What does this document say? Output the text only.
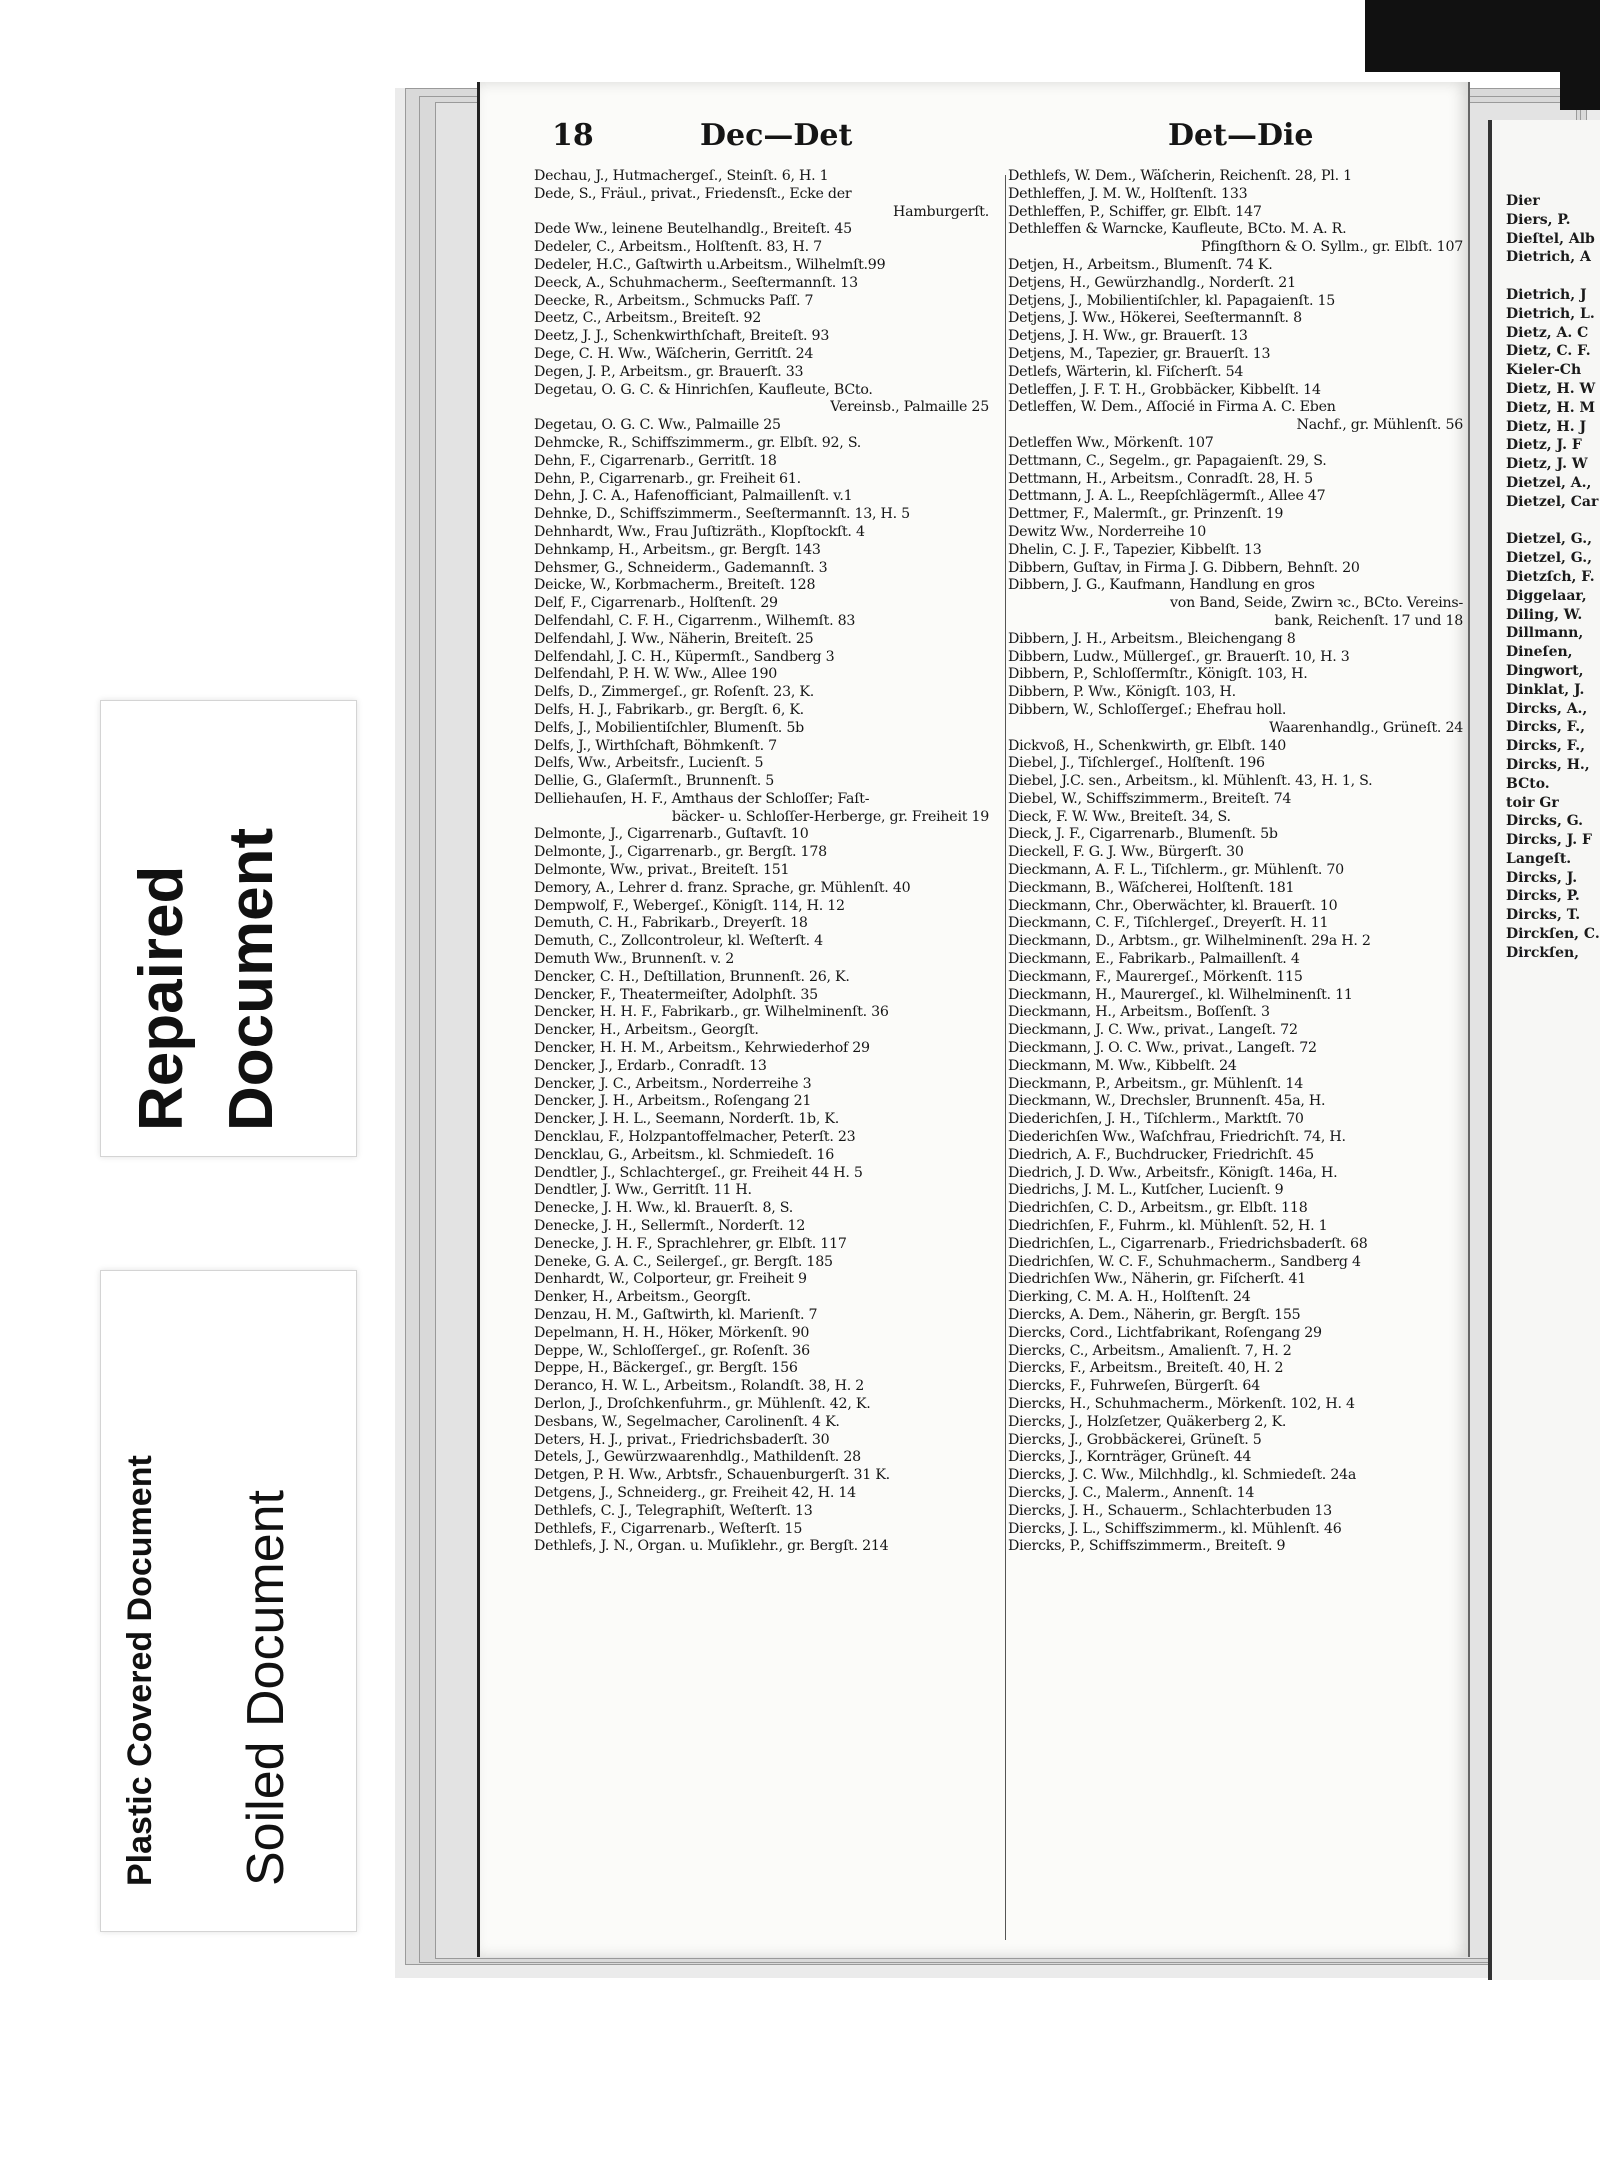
Repaired Document
Plastic Covered Document Soiled Document
18	Dec—Det	Det—Die
Dechau, J., Hutmachergeſ., Steinſt. 6, H. 1
Dede, S., Fräul., privat., Friedensſt., Ecke der
Hamburgerſt.
Dede Ww., leinene Beutelhandlg., Breiteſt. 45
Dedeler, C., Arbeitsm., Holſtenſt. 83, H. 7
Dedeler, H.C., Gaſtwirth u.Arbeitsm., Wilhelmſt.99
Deeck, A., Schuhmacherm., Seeſtermannſt. 13
Deecke, R., Arbeitsm., Schmucks Paſſ. 7
Deetz, C., Arbeitsm., Breiteſt. 92
Deetz, J. J., Schenkwirthſchaft, Breiteſt. 93
Dege, C. H. Ww., Wäſcherin, Gerritſt. 24
Degen, J. P., Arbeitsm., gr. Brauerſt. 33
Degetau, O. G. C. & Hinrichſen, Kaufleute, BCto.
Vereinsb., Palmaille 25
Degetau, O. G. C. Ww., Palmaille 25
Dehmcke, R., Schiffszimmerm., gr. Elbſt. 92, S.
Dehn, F., Cigarrenarb., Gerritſt. 18
Dehn, P., Cigarrenarb., gr. Freiheit 61.
Dehn, J. C. A., Hafenofficiant, Palmaillenſt. v.1
Dehnke, D., Schiffszimmerm., Seeſtermannſt. 13, H. 5
Dehnhardt, Ww., Frau Juſtizräth., Klopſtockſt. 4
Dehnkamp, H., Arbeitsm., gr. Bergſt. 143
Dehsmer, G., Schneiderm., Gademannſt. 3
Deicke, W., Korbmacherm., Breiteſt. 128
Delf, F., Cigarrenarb., Holſtenſt. 29
Delfendahl, C. F. H., Cigarrenm., Wilhemſt. 83
Delfendahl, J. Ww., Näherin, Breiteſt. 25
Delfendahl, J. C. H., Küpermſt., Sandberg 3
Delfendahl, P. H. W. Ww., Allee 190
Delfs, D., Zimmergeſ., gr. Roſenſt. 23, K.
Delfs, H. J., Fabrikarb., gr. Bergſt. 6, K.
Delfs, J., Mobilientiſchler, Blumenſt. 5b
Delfs, J., Wirthſchaft, Böhmkenſt. 7
Delfs, Ww., Arbeitsfr., Lucienſt. 5
Dellie, G., Glaſermſt., Brunnenſt. 5
Delliehauſen, H. F., Amthaus der Schloſſer; Faſt-
bäcker- u. Schloſſer-Herberge, gr. Freiheit 19
Delmonte, J., Cigarrenarb., Guſtavſt. 10
Delmonte, J., Cigarrenarb., gr. Bergſt. 178
Delmonte, Ww., privat., Breiteſt. 151
Demory, A., Lehrer d. franz. Sprache, gr. Mühlenſt. 40
Dempwolf, F., Webergeſ., Königſt. 114, H. 12
Demuth, C. H., Fabrikarb., Dreyerſt. 18
Demuth, C., Zollcontroleur, kl. Weſterſt. 4
Demuth Ww., Brunnenſt. v. 2
Dencker, C. H., Deſtillation, Brunnenſt. 26, K.
Dencker, F., Theatermeiſter, Adolphſt. 35
Dencker, H. H. F., Fabrikarb., gr. Wilhelminenſt. 36
Dencker, H., Arbeitsm., Georgſt.
Dencker, H. H. M., Arbeitsm., Kehrwiederhof 29
Dencker, J., Erdarb., Conradſt. 13
Dencker, J. C., Arbeitsm., Norderreihe 3
Dencker, J. H., Arbeitsm., Roſengang 21
Dencker, J. H. L., Seemann, Norderſt. 1b, K.
Dencklau, F., Holzpantoffelmacher, Peterſt. 23
Dencklau, G., Arbeitsm., kl. Schmiedeſt. 16
Dendtler, J., Schlachtergeſ., gr. Freiheit 44 H. 5
Dendtler, J. Ww., Gerritſt. 11 H.
Denecke, J. H. Ww., kl. Brauerſt. 8, S.
Denecke, J. H., Sellermſt., Norderſt. 12
Denecke, J. H. F., Sprachlehrer, gr. Elbſt. 117
Deneke, G. A. C., Seilergeſ., gr. Bergſt. 185
Denhardt, W., Colporteur, gr. Freiheit 9
Denker, H., Arbeitsm., Georgſt.
Denzau, H. M., Gaſtwirth, kl. Marienſt. 7
Depelmann, H. H., Höker, Mörkenſt. 90
Deppe, W., Schloſſergeſ., gr. Roſenſt. 36
Deppe, H., Bäckergeſ., gr. Bergſt. 156
Deranco, H. W. L., Arbeitsm., Rolandſt. 38, H. 2
Derlon, J., Droſchkenfuhrm., gr. Mühlenſt. 42, K.
Desbans, W., Segelmacher, Carolinenſt. 4 K.
Deters, H. J., privat., Friedrichsbaderſt. 30
Detels, J., Gewürzwaarenhdlg., Mathildenſt. 28
Detgen, P. H. Ww., Arbtsfr., Schauenburgerſt. 31 K.
Detgens, J., Schneiderg., gr. Freiheit 42, H. 14
Dethlefs, C. J., Telegraphiſt, Weſterſt. 13
Dethlefs, F., Cigarrenarb., Weſterſt. 15
Dethlefs, J. N., Organ. u. Muſiklehr., gr. Bergſt. 214
Dethlefs, W. Dem., Wäſcherin, Reichenſt. 28, Pl. 1
Dethleffen, J. M. W., Holſtenſt. 133
Dethleffen, P., Schiffer, gr. Elbſt. 147
Dethleffen & Warncke, Kaufleute, BCto. M. A. R.
Pfingſthorn & O. Syllm., gr. Elbſt. 107
Detjen, H., Arbeitsm., Blumenſt. 74 K.
Detjens, H., Gewürzhandlg., Norderſt. 21
Detjens, J., Mobilientiſchler, kl. Papagaienſt. 15
Detjens, J. Ww., Hökerei, Seeſtermannſt. 8
Detjens, J. H. Ww., gr. Brauerſt. 13
Detjens, M., Tapezier, gr. Brauerſt. 13
Detlefs, Wärterin, kl. Fiſcherſt. 54
Detleffen, J. F. T. H., Grobbäcker, Kibbelſt. 14
Detleffen, W. Dem., Aſſocié in Firma A. C. Eben
Nachf., gr. Mühlenſt. 56
Detleffen Ww., Mörkenſt. 107
Dettmann, C., Segelm., gr. Papagaienſt. 29, S.
Dettmann, H., Arbeitsm., Conradſt. 28, H. 5
Dettmann, J. A. L., Reepſchlägermſt., Allee 47
Dettmer, F., Malermſt., gr. Prinzenſt. 19
Dewitz Ww., Norderreihe 10
Dhelin, C. J. F., Tapezier, Kibbelſt. 13
Dibbern, Guſtav, in Firma J. G. Dibbern, Behnſt. 20
Dibbern, J. G., Kaufmann, Handlung en gros
von Band, Seide, Zwirn ꝛc., BCto. Vereins-
bank, Reichenſt. 17 und 18
Dibbern, J. H., Arbeitsm., Bleichengang 8
Dibbern, Ludw., Müllergeſ., gr. Brauerſt. 10, H. 3
Dibbern, P., Schloſſermſtr., Königſt. 103, H.
Dibbern, P. Ww., Königſt. 103, H.
Dibbern, W., Schloſſergeſ.; Ehefrau holl.
Waarenhandlg., Grüneſt. 24
Dickvoß, H., Schenkwirth, gr. Elbſt. 140
Diebel, J., Tiſchlergeſ., Holſtenſt. 196
Diebel, J.C. sen., Arbeitsm., kl. Mühlenſt. 43, H. 1, S.
Diebel, W., Schiffszimmerm., Breiteſt. 74
Dieck, F. W. Ww., Breiteſt. 34, S.
Dieck, J. F., Cigarrenarb., Blumenſt. 5b
Dieckell, F. G. J. Ww., Bürgerſt. 30
Dieckmann, A. F. L., Tiſchlerm., gr. Mühlenſt. 70
Dieckmann, B., Wäſcherei, Holſtenſt. 181
Dieckmann, Chr., Oberwächter, kl. Brauerſt. 10
Dieckmann, C. F., Tiſchlergeſ., Dreyerſt. H. 11
Dieckmann, D., Arbtsm., gr. Wilhelminenſt. 29a H. 2
Dieckmann, E., Fabrikarb., Palmaillenſt. 4
Dieckmann, F., Maurergeſ., Mörkenſt. 115
Dieckmann, H., Maurergeſ., kl. Wilhelminenſt. 11
Dieckmann, H., Arbeitsm., Boſſenſt. 3
Dieckmann, J. C. Ww., privat., Langeſt. 72
Dieckmann, J. O. C. Ww., privat., Langeſt. 72
Dieckmann, M. Ww., Kibbelſt. 24
Dieckmann, P., Arbeitsm., gr. Mühlenſt. 14
Dieckmann, W., Drechsler, Brunnenſt. 45a, H.
Diederichſen, J. H., Tiſchlerm., Marktſt. 70
Diederichſen Ww., Waſchfrau, Friedrichſt. 74, H.
Diedrich, A. F., Buchdrucker, Friedrichſt. 45
Diedrich, J. D. Ww., Arbeitsfr., Königſt. 146a, H.
Diedrichs, J. M. L., Kutſcher, Lucienſt. 9
Diedrichſen, C. D., Arbeitsm., gr. Elbſt. 118
Diedrichſen, F., Fuhrm., kl. Mühlenſt. 52, H. 1
Diedrichſen, L., Cigarrenarb., Friedrichsbaderſt. 68
Diedrichſen, W. C. F., Schuhmacherm., Sandberg 4
Diedrichſen Ww., Näherin, gr. Fiſcherſt. 41
Dierking, C. M. A. H., Holſtenſt. 24
Diercks, A. Dem., Näherin, gr. Bergſt. 155
Diercks, Cord., Lichtfabrikant, Roſengang 29
Diercks, C., Arbeitsm., Amalienſt. 7, H. 2
Diercks, F., Arbeitsm., Breiteſt. 40, H. 2
Diercks, F., Fuhrweſen, Bürgerſt. 64
Diercks, H., Schuhmacherm., Mörkenſt. 102, H. 4
Diercks, J., Holzſetzer, Quäkerberg 2, K.
Diercks, J., Grobbäckerei, Grüneſt. 5
Diercks, J., Kornträger, Grüneſt. 44
Diercks, J. C. Ww., Milchhdlg., kl. Schmiedeſt. 24a
Diercks, J. C., Malerm., Annenſt. 14
Diercks, J. H., Schauerm., Schlachterbuden 13
Diercks, J. L., Schiffszimmerm., kl. Mühlenſt. 46
Diercks, P., Schiffszimmerm., Breiteſt. 9
Dier
Diers, P.
Dieſtel, Alb
Dietrich, A

Dietrich, J
Dietrich, L.
Dietz, A. C
Dietz, C. F.
Kieler-Ch
Dietz, H. W
Dietz, H. M
Dietz, H. J
Dietz, J. F
Dietz, J. W
Dietzel, A.,
Dietzel, Car

Dietzel, G.,
Dietzel, G.,
Dietzſch, F.
Diggelaar,
Diling, W.
Dillmann,
Dineſen,
Dingwort,
Dinklat, J.
Dircks, A.,
Dircks, F.,
Dircks, F.,
Dircks, H.,
BCto.
toir Gr
Dircks, G.
Dircks, J. F
Langeſt.
Dircks, J.
Dircks, P.
Dircks, T.
Dirckſen, C.
Dirckſen,
